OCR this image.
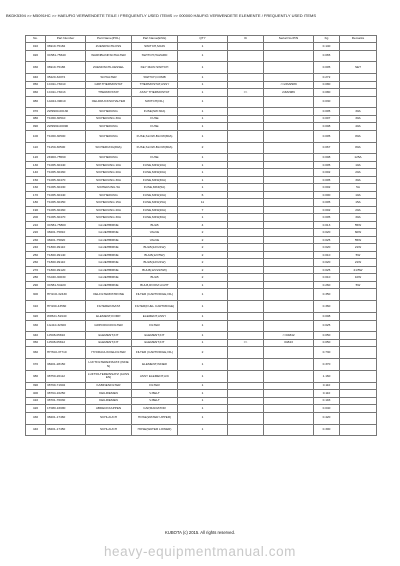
BKDK5394 >> M5091HC >> HAEUFIG VERWENDETE TEILE / FREQUENTLY USED ITEMS >> 000000 HÄUFIG VERWENDETE ELEMENTE / FREQUENTLY USED ITEMS
No.	Part Number	Part Name(POL)	Part Name(ENG)	QTY	IC	Serial No./P/N	Kg	Remarks
010	36919-75182	ZUENDSCHLOSS	SWITCH,MAIN	1			0.140	
020	3C581-75640	WARNBLINKSCHALTER	SWITCH,HAZARD	1			0.065	
030	36919-75186	ZUENDSCHLUESSEL	KEY MAIN SWITCH	1			0.005	SET
040	35220-32072	SCHALTER	SWITCH,COMB	1			0.272	
050	1C011-73010	GRP.THERMOSTAT	THERMOSTAT,ASSY	1		<=2JM2989	0.080	
060	1C011-73013	THERMOSTAT	ASSY THERMOSTAT	1	=>	2JM2989	0.080	
080	1A024-39010	OELDRUCKSCHALTER	SWITCH(OIL)	1			0.030	
070	2W9900-00130	SICHERUNG	FUSE(SW:30A)	1			0.005	30A
080	T1060-30510	SICHERUNG 30A	FUSE	1			0.007	30A
090	2W9999-00090	SICHERUNG	FUSE	1			0.008	40A
100	T1060-30500	SICHERUNG	FUSE,SLOW-BLOW(80A)	1			0.005	80A
110	T1150-30500	SICHERUNG(80A)	FUSE,SLOW-BLOW(80A)	2			0.067	80A
120	2K900-75590	SICHERUNG	FUSE	1			0.008	125A
130	T1065-30440	SICHERUNG 10A	FUSE,MINI(10A)	1			0.005	10A
140	T1065-30460	SICHERUNG 20A	FUSE,MINI(20A)	1			0.002	20A
150	T1065-30470	SICHERUNG 30A	FUSE,MINI(30A)	1			0.005	30A
160	T1065-30430	SICHERUNG 5A	FUSE,MINI(5A)	1			0.002	5A
170	T1065-30440	SICHERUNG	FUSE,MINI(10A)	6			0.000	10A
180	T1065-30450	SICHERUNG 15A	FUSE,MINI(15A)	11			0.005	15A
190	T1065-30460	SICHERUNG 20A	FUSE,MINI(20A)	7			0.002	20A
200	T1065-30470	SICHERUNG 30A	FUSE,MINI(30A)	1			0.005	30A
210	3C581-75800	GLUEHBIRNE	BULB	4			0.013	55W
220	38201-75810	GLUEHBIRNE	VALVE	2			0.020	60W
230	38201-75820	GLUEHBIRNE	VALVE	2			0.025	55W
240	T1860-99110	GLUEHBIRNE	BULB(12V21W)	2			0.020	21W
250	T1860-99140	GLUEHBIRNE	BULB(12V5W)	2			0.010	5W
260	T1860-99110	GLUEHBIRNE	BULB(12V21W)	2			0.020	21W
270	T1860-99120	GLUEHBIRNE	BULB(12V21/5W)	2			0.025	21/5W
280	TA040-30030	GLUEHBIRNE	BULB	2			0.010	10W
290	3C581-54220	GLUEHBIRNE	BULB,ROOM LIGHT	1			0.260	5W
300	HH1C0-32430	OELFILTERPATRONE	FILTER (CARTRIDGE,OIL)	1			0.350	
310	HH160-43560	FILTEREINSATZ	FILTER(FUEL CARTRIDGE)	1			0.360	
320	W9521-51940	ELEMENT,KOMP.	ELEMENT,ASSY	1			0.008	
330	1G410-32300	GRP.DRUCKFILTER	FILTER	1			0.025	
340	1J508-05810	ELEMENT,KIT	ELEMENT,KIT	1		<=04842	0.050	
350	1J508-05812	ELEMENT,KIT	ELEMENT,KIT	1	=>	04843	0.050	
360	HHTA0-37710	HYDRAULIKOELFILTER	FILTER (CARTRIDGE,OIL)	2			0.730	
370	38201-28150	LUFTFILTEREINSATZ (INNEN)	ELEMENT,INNER	1			0.370	
380	38750-26112	LUFTFILTEREINSATZ (AUSSEN)	ASSY ELEMENT,A/C	1			1.160	
390	38799-71602	KABINENFILTER	FILTER	1			0.110	
400	38794-16250	KEILRIEMEN	V-BELT	1			0.110	
410	38701-76030	KEILRIEMEN	V-BELT	1			0.193	
420	1T080-16680	ABDECKKAPPEN	CAP,RADIATOR	1			0.040	
430	38201-17460	SCHLAUCH	HOSE(WATER UPPER)	1			0.420	
440	38201-17450	SCHLAUCH	HOSE(WATER LOWER)	1			0.300	
KUBOTA (c) 2015. All rights reserved.
heavy-equipmentmanual.com
